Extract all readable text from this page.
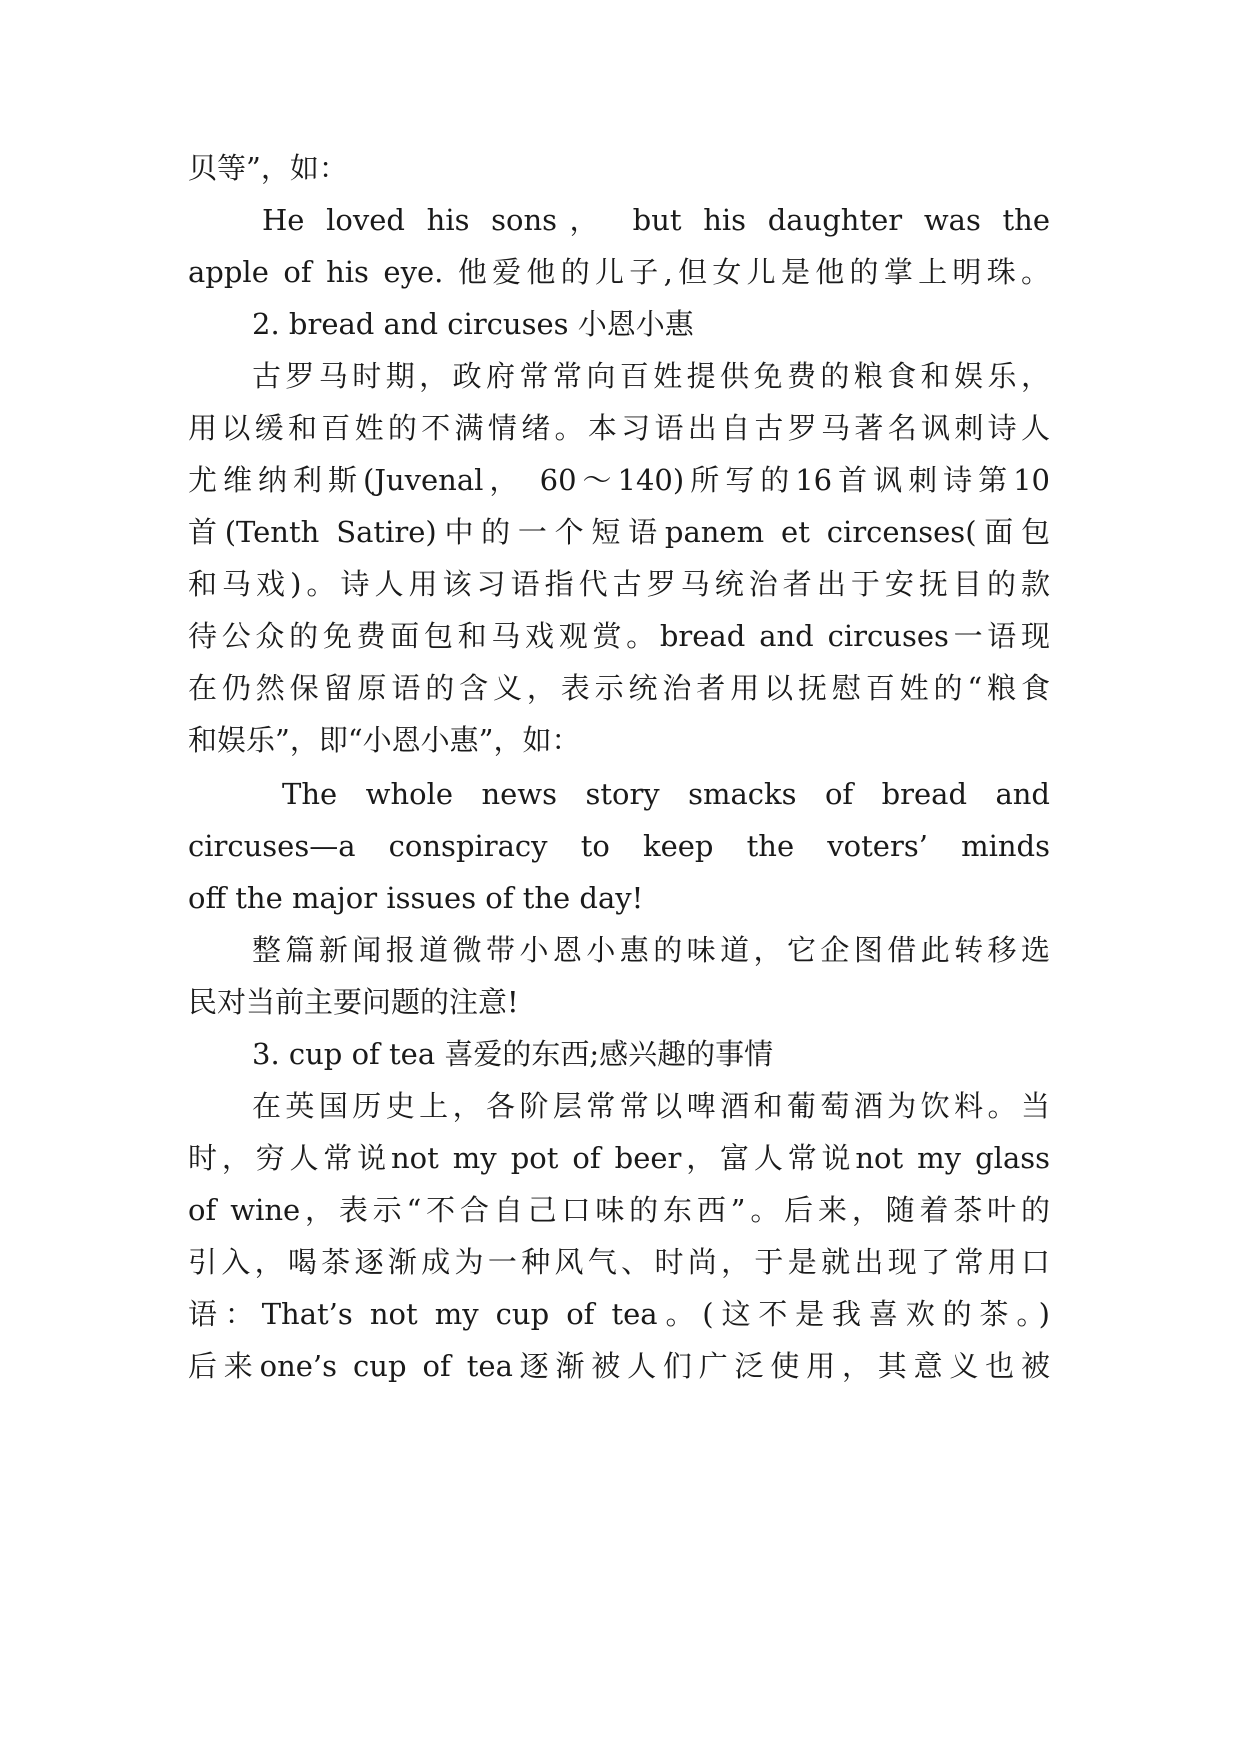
贝等”，如：
He loved his sons， but his daughter was the
apple of his eye. 他爱他的儿子,但女儿是他的掌上明珠。
2. bread and circuses 小恩小惠
古罗马时期，政府常常向百姓提供免费的粮食和娱乐，
用以缓和百姓的不满情绪。本习语出自古罗马著名讽刺诗人
尤维纳利斯(Juvenal， 60～140)所写的16首讽刺诗第10
首(Tenth Satire)中的一个短语panem et circenses(面包
和马戏)。诗人用该习语指代古罗马统治者出于安抚目的款
待公众的免费面包和马戏观赏。bread and circuses一语现
在仍然保留原语的含义，表示统治者用以抚慰百姓的“粮食
和娱乐”，即“小恩小惠”，如：
The whole news story smacks of bread and
circuses—a conspiracy to keep the voters’ minds
off the major issues of the day!
整篇新闻报道微带小恩小惠的味道，它企图借此转移选
民对当前主要问题的注意!
3. cup of tea 喜爱的东西;感兴趣的事情
在英国历史上，各阶层常常以啤酒和葡萄酒为饮料。当
时，穷人常说not my pot of beer，富人常说not my glass
of wine，表示“不合自己口味的东西”。后来，随着茶叶的
引入，喝茶逐渐成为一种风气、时尚，于是就出现了常用口
语：That’s not my cup of tea。(这不是我喜欢的茶。)
后来one’s cup of tea逐渐被人们广泛使用，其意义也被
